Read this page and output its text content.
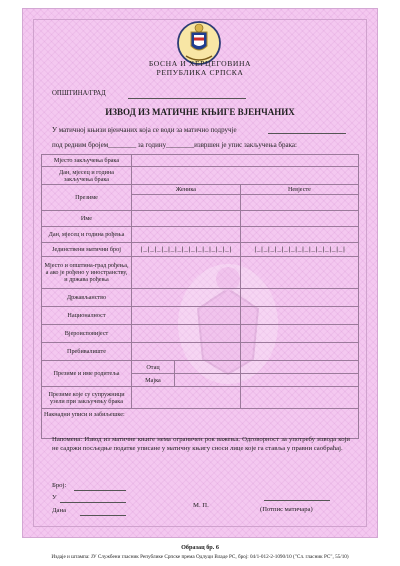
БОСНА И ХЕРЦЕГОВИНА
РЕПУБЛИКА СРПСКА
ОПШТИНА/ГРАД
ИЗВОД ИЗ МАТИЧНЕ КЊИГЕ ВЈЕНЧАНИХ
У матичној књизи вјенчаних која се води за матично подручје
под редним бројем________ за годину________извршен је упис закључења брака:
Мјесто закључења брака			
Дан, мјесец и година закључења брака			
Презиме	Женика		Невјесте

Име			
Дан, мјесец и година рођења			
Јединствени матични број	|_|_|_|_|_|_|_|_|_|_|_|_|_|		|_|_|_|_|_|_|_|_|_|_|_|_|_|
Мјесто и општина-град рођења, а ако је рођено у иностранству, и држава рођења			
Држављанство			
Националност			
Вјероисповијест			
Пребивалиште			
Презиме и име родитеља	Отац		
	Мајка		
Презиме које су супружници узели при закључењу брака			
Накнадни уписи и забиљешке:			
Напомена: Извод из матичне књиге нема ограничен рок важења. Одговорност за употребу извода који не садржи посљедње податке уписане у матичну књигу сноси лице које га ставља у правни саобраћај.
Број:
У
Дана
М. П.
(Потпис матичара)
Образац бр. 6
Издаје и штампа: ЈУ Службени гласник Републике Српске према Одлуци Владе РС, број: 04/1-012-2-1090/10 ("Сл. гласник РС", 55/10)
